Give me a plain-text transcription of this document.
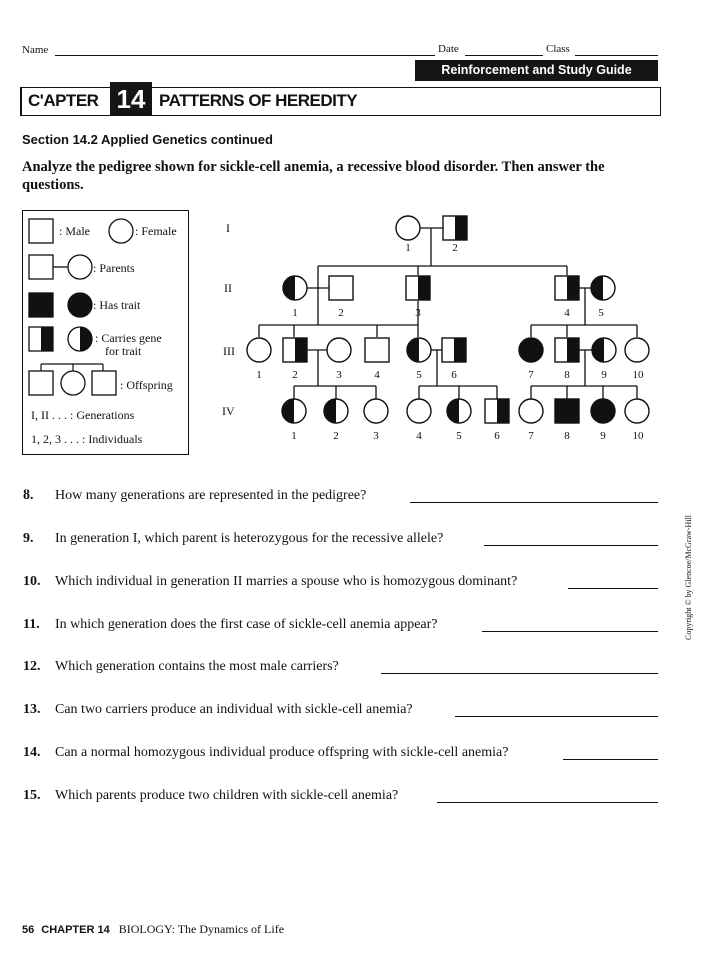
Name	Date	Class
Reinforcement and Study Guide
C'APTER 14 PATTERNS OF HEREDITY
Section 14.2 Applied Genetics continued
Analyze the pedigree shown for sickle-cell anemia, a recessive blood disorder. Then answer the questions.
: Male	: Female
: Parents
: Has trait
: Carries gene
for trait
: Offspring
I, II . . . : Generations
1, 2, 3 . . . : Individuals
I
II
III
IV
1	2
1	2	3	4	5
1	2	3	4	5	6	7	8	9 10
1	2	3	4	5	6	7	8	9 10
ȣ. How many generations are represented in the pedigree?
9. In generation I, which parent is heterozygous for the recessive allele?
10. Which individual in generation II marries a spouse who is homozygous dominant?
11. In which generation does the first case of sickle-cell anemia appear?
12. Which generation contains the most male carriers?
13. Can two carriers produce an individual with sickle-cell anemia?
14. Can a normal homozygous individual produce offspring with sickle-cell anemia?
15. Which parents produce two children with sickle-cell anemia?
Copyright © by Glencoe/McGraw-Hill
56 CHAPTER 14 BIOLOGY: The Dynamics of Life
